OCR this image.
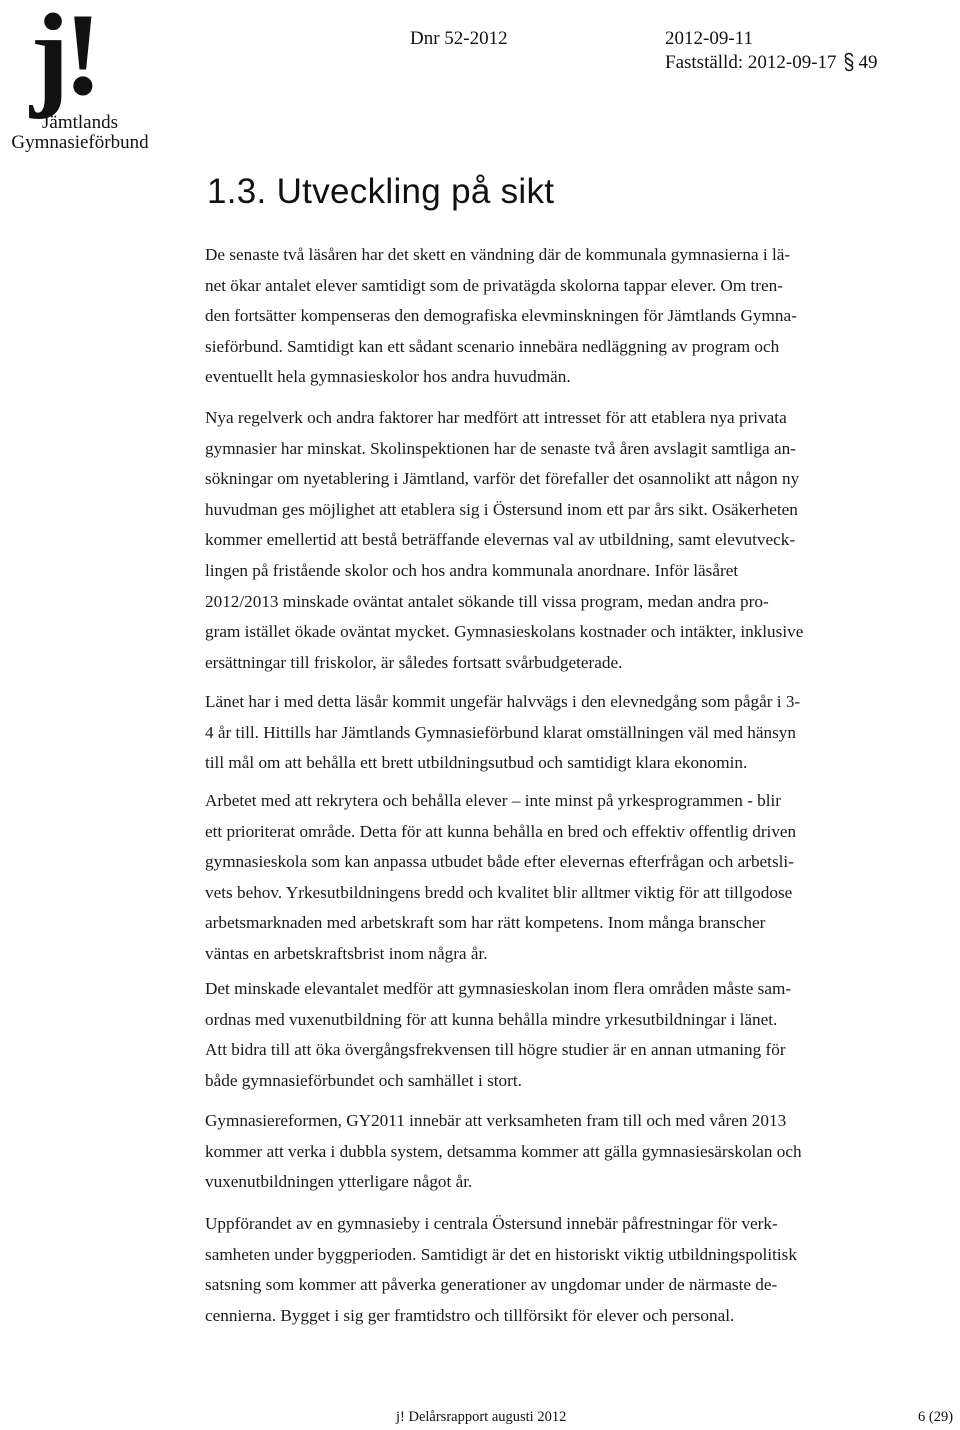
j!
Jämtlands
Gymnasieförbund
Dnr 52-2012	2012-09-11
Fastställd: 2012-09-17 49
1.3. Utveckling på sikt
De senaste två läsåren har det skett en vändning där de kommunala gymnasierna i lä-
net ökar antalet elever samtidigt som de privatägda skolorna tappar elever. Om tren-
den fortsätter kompenseras den demografiska elevminskningen för Jämtlands Gymna-
sieförbund. Samtidigt kan ett sådant scenario innebära nedläggning av program och
eventuellt hela gymnasieskolor hos andra huvudmän.
Nya regelverk och andra faktorer har medfört att intresset för att etablera nya privata
gymnasier har minskat. Skolinspektionen har de senaste två åren avslagit samtliga an-
sökningar om nyetablering i Jämtland, varför det förefaller det osannolikt att någon ny
huvudman ges möjlighet att etablera sig i Östersund inom ett par års sikt. Osäkerheten
kommer emellertid att bestå beträffande elevernas val av utbildning, samt elevutveck-
lingen på fristående skolor och hos andra kommunala anordnare. Inför läsåret
2012/2013 minskade oväntat antalet sökande till vissa program, medan andra pro-
gram istället ökade oväntat mycket. Gymnasieskolans kostnader och intäkter, inklusive
ersättningar till friskolor, är således fortsatt svårbudgeterade.
Länet har i med detta läsår kommit ungefär halvvägs i den elevnedgång som pågår i 3-
4 år till. Hittills har Jämtlands Gymnasieförbund klarat omställningen väl med hänsyn
till mål om att behålla ett brett utbildningsutbud och samtidigt klara ekonomin.
Arbetet med att rekrytera och behålla elever – inte minst på yrkesprogrammen - blir
ett prioriterat område. Detta för att kunna behålla en bred och effektiv offentlig driven
gymnasieskola som kan anpassa utbudet både efter elevernas efterfrågan och arbetsli-
vets behov. Yrkesutbildningens bredd och kvalitet blir alltmer viktig för att tillgodose
arbetsmarknaden med arbetskraft som har rätt kompetens. Inom många branscher
väntas en arbetskraftsbrist inom några år.
Det minskade elevantalet medför att gymnasieskolan inom flera områden måste sam-
ordnas med vuxenutbildning för att kunna behålla mindre yrkesutbildningar i länet.
Att bidra till att öka övergångsfrekvensen till högre studier är en annan utmaning för
både gymnasieförbundet och samhället i stort.
Gymnasiereformen, GY2011 innebär att verksamheten fram till och med våren 2013
kommer att verka i dubbla system, detsamma kommer att gälla gymnasiesärskolan och
vuxenutbildningen ytterligare något år.
Uppförandet av en gymnasieby i centrala Östersund innebär påfrestningar för verk-
samheten under byggperioden. Samtidigt är det en historiskt viktig utbildningspolitisk
satsning som kommer att påverka generationer av ungdomar under de närmaste de-
cennierna. Bygget i sig ger framtidstro och tillförsikt för elever och personal.
j! Delårsrapport augusti 2012	6 (29)
